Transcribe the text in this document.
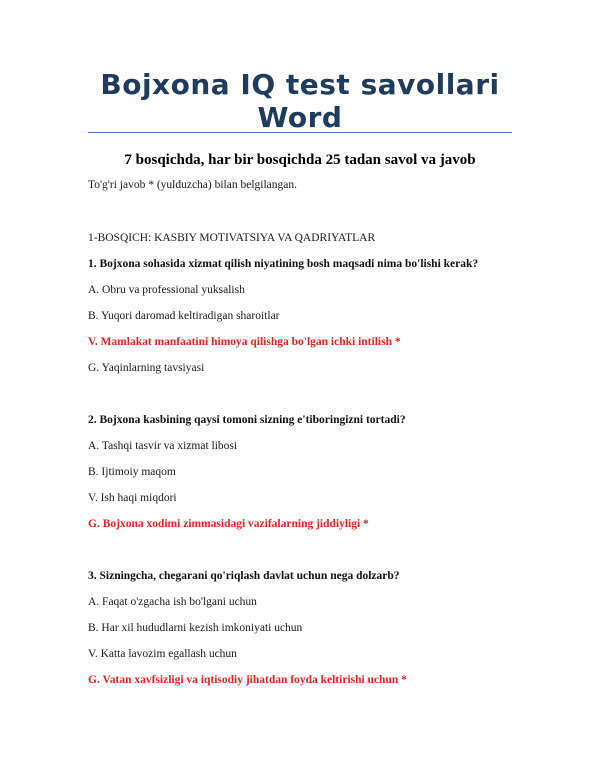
Bojxona IQ test savollari Word
7 bosqichda, har bir bosqichda 25 tadan savol va javob
To'g'ri javob * (yulduzcha) bilan belgilangan.
1-BOSQICH: KASBIY MOTIVATSIYA VA QADRIYATLAR
1. Bojxona sohasida xizmat qilish niyatining bosh maqsadi nima bo'lishi kerak?
A. Obru va professional yuksalish
B. Yuqori daromad keltiradigan sharoitlar
V. Mamlakat manfaatini himoya qilishga bo'lgan ichki intilish *
G. Yaqinlarning tavsiyasi
2. Bojxona kasbining qaysi tomoni sizning e'tiboringizni tortadi?
A. Tashqi tasvir va xizmat libosi
B. Ijtimoiy maqom
V. Ish haqi miqdori
G. Bojxona xodimi zimmasidagi vazifalarning jiddiyligi *
3. Sizningcha, chegarani qo'riqlash davlat uchun nega dolzarb?
A. Faqat o'zgacha ish bo'lgani uchun
B. Har xil hududlarni kezish imkoniyati uchun
V. Katta lavozim egallash uchun
G. Vatan xavfsizligi va iqtisodiy jihatdan foyda keltirishi uchun *
